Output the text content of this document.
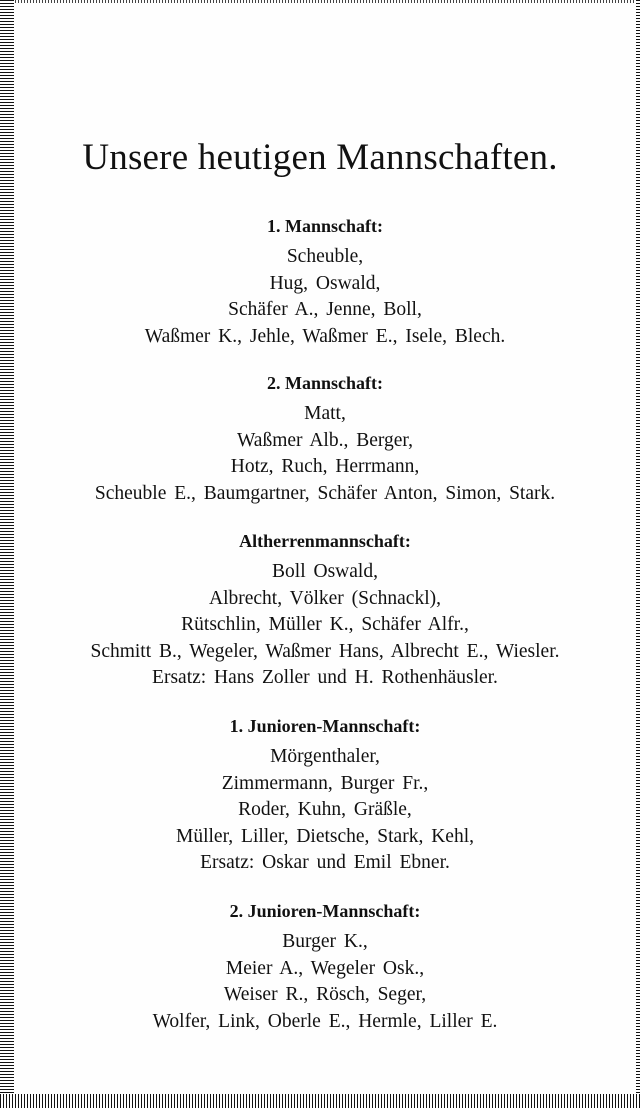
Unsere heutigen Mannschaften.
1. Mannschaft:
Scheuble,
Hug, Oswald,
Schäfer A., Jenne, Boll,
Waßmer K., Jehle, Waßmer E., Isele, Blech.
2. Mannschaft:
Matt,
Waßmer Alb., Berger,
Hotz, Ruch, Herrmann,
Scheuble E., Baumgartner, Schäfer Anton, Simon, Stark.
Altherrenmannschaft:
Boll Oswald,
Albrecht, Völker (Schnackl),
Rütschlin, Müller K., Schäfer Alfr.,
Schmitt B., Wegeler, Waßmer Hans, Albrecht E., Wiesler.
Ersatz: Hans Zoller und H. Rothenhäusler.
1. Junioren-Mannschaft:
Mörgenthaler,
Zimmermann, Burger Fr.,
Roder, Kuhn, Gräßle,
Müller, Liller, Dietsche, Stark, Kehl,
Ersatz: Oskar und Emil Ebner.
2. Junioren-Mannschaft:
Burger K.,
Meier A., Wegeler Osk.,
Weiser R., Rösch, Seger,
Wolfer, Link, Oberle E., Hermle, Liller E.
